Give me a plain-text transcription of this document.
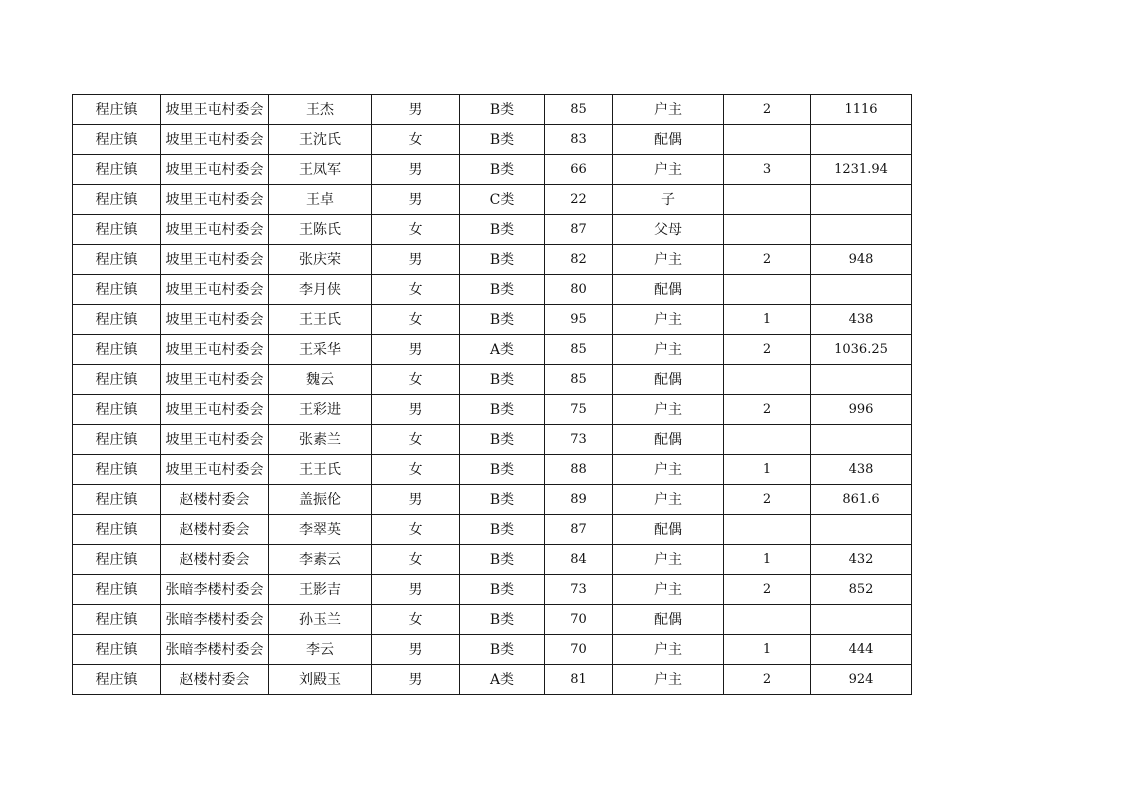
程庄镇	坡里王屯村委会	王杰	男	B类	85	户主	2	1116
程庄镇	坡里王屯村委会	王沈氏	女	B类	83	配偶		
程庄镇	坡里王屯村委会	王凤军	男	B类	66	户主	3	1231.94
程庄镇	坡里王屯村委会	王卓	男	C类	22	子		
程庄镇	坡里王屯村委会	王陈氏	女	B类	87	父母		
程庄镇	坡里王屯村委会	张庆荣	男	B类	82	户主	2	948
程庄镇	坡里王屯村委会	李月侠	女	B类	80	配偶		
程庄镇	坡里王屯村委会	王王氏	女	B类	95	户主	1	438
程庄镇	坡里王屯村委会	王采华	男	A类	85	户主	2	1036.25
程庄镇	坡里王屯村委会	魏云	女	B类	85	配偶		
程庄镇	坡里王屯村委会	王彩进	男	B类	75	户主	2	996
程庄镇	坡里王屯村委会	张素兰	女	B类	73	配偶		
程庄镇	坡里王屯村委会	王王氏	女	B类	88	户主	1	438
程庄镇	赵楼村委会	盖振伦	男	B类	89	户主	2	861.6
程庄镇	赵楼村委会	李翠英	女	B类	87	配偶		
程庄镇	赵楼村委会	李素云	女	B类	84	户主	1	432
程庄镇	张暗李楼村委会	王影吉	男	B类	73	户主	2	852
程庄镇	张暗李楼村委会	孙玉兰	女	B类	70	配偶		
程庄镇	张暗李楼村委会	李云	男	B类	70	户主	1	444
程庄镇	赵楼村委会	刘殿玉	男	A类	81	户主	2	924
